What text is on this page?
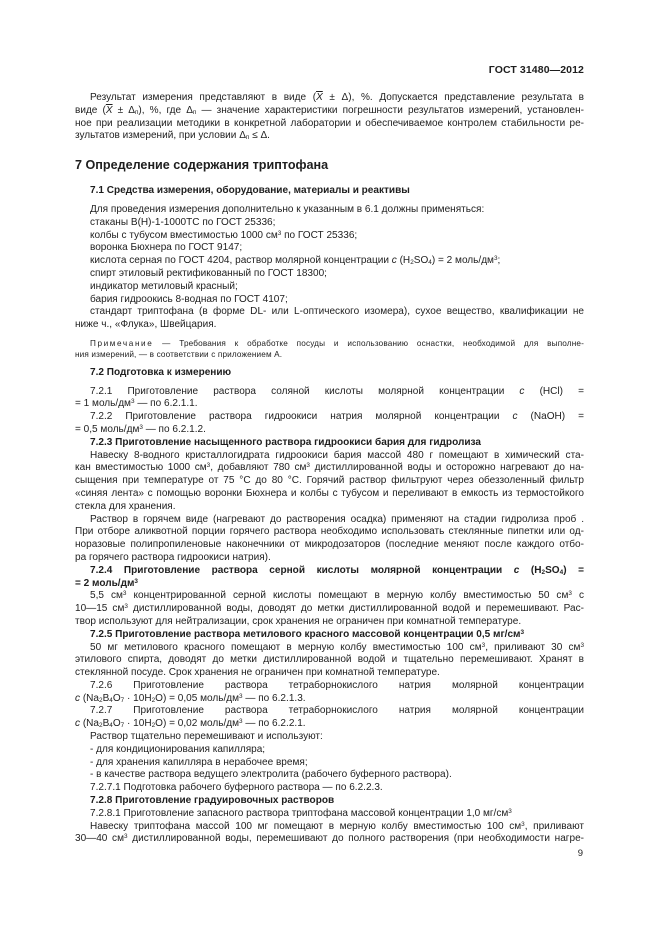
ГОСТ 31480—2012
Результат измерения представляют в виде $(\overline{X} \pm \Delta)$, %. Допускается представление результата в
виде $(\overline{X} \pm \Delta_п)$, %, где $\Delta_п$ — значение характеристики погрешности результатов измерений, установлен-
ное при реализации методики в конкретной лаборатории и обеспечиваемое контролем стабильности ре-
зультатов измерений, при условии $\Delta_п \le \Delta$.
7 Определение содержания триптофана
7.1 Средства измерения, оборудование, материалы и реактивы
Для проведения измерения дополнительно к указанным в 6.1 должны применяться:
стаканы В(Н)-1-1000ТС по ГОСТ 25336;
колбы с тубусом вместимостью 1000 $см^3$ по ГОСТ 25336;
воронка Бюхнера по ГОСТ 9147;
кислота серная по ГОСТ 4204, раствор молярной концентрации c $(H_2SO_4) = 2$ моль/$дм^3$;
спирт этиловый ректификованный по ГОСТ 18300;
индикатор метиловый красный;
бария гидроокись 8-водная по ГОСТ 4107;
стандарт триптофана (в форме DL- или L-оптического изомера), сухое вещество, квалификации не
ниже ч., «Флука», Швейцария.
Примечание — Требования к обработке посуды и использованию оснастки, необходимой для выполне-
ния измерений, — в соответствии с приложением А.
7.2 Подготовка к измерению
7.2.1 Приготовление раствора соляной кислоты молярной концентрации c (HCl) =
= 1 моль/$дм^3$ — по 6.2.1.1.
7.2.2 Приготовление раствора гидроокиси натрия молярной концентрации c (NaOH) =
= 0,5 моль/$дм^3$ — по 6.2.1.2.
7.2.3 Приготовление насыщенного раствора гидроокиси бария для гидролиза
Навеску 8-водного кристаллогидрата гидроокиси бария массой 480 г помещают в химический ста-
кан вместимостью 1000 $см^3$, добавляют 780 $см^3$ дистиллированной воды и осторожно нагревают до на-
сыщения при температуре от 75 °С до 80 °С. Горячий раствор фильтруют через обеззоленный фильтр
«синяя лента» с помощью воронки Бюхнера и колбы с тубусом и переливают в емкость из термостойкого
стекла для хранения.
Раствор в горячем виде (нагревают до растворения осадка) применяют на стадии гидролиза проб .
При отборе аликвотной порции горячего раствора необходимо использовать стеклянные пипетки или од-
норазовые полипропиленовые наконечники от микродозаторов (последние меняют после каждого отбо-
ра горячего раствора гидроокиси натрия).
7.2.4 Приготовление раствора серной кислоты молярной концентрации c $(H_2SO_4)$ =
= 2 моль/$дм^3$
5,5 $см^3$ концентрированной серной кислоты помещают в мерную колбу вместимостью 50 $см^3$ с
10—15 $см^3$ дистиллированной воды, доводят до метки дистиллированной водой и перемешивают. Рас-
твор используют для нейтрализации, срок хранения не ограничен при комнатной температуре.
7.2.5 Приготовление раствора метилового красного массовой концентрации 0,5 $мг/см^3$
50 мг метилового красного помещают в мерную колбу вместимостью 100 $см^3$, приливают 30 $см^3$
этилового спирта, доводят до метки дистиллированной водой и тщательно перемешивают. Хранят в
стеклянной посуде. Срок хранения не ограничен при комнатной температуре.
7.2.6 Приготовление раствора тетраборнокислого натрия молярной концентрации
c $(Na_2B_4O_7 \cdot 10H_2O) = 0,05$ моль/$дм^3$ — по 6.2.1.3.
7.2.7 Приготовление раствора тетраборнокислого натрия молярной концентрации
c $(Na_2B_4O_7 \cdot 10H_2O) = 0,02$ моль/$дм^3$ — по 6.2.2.1.
Раствор тщательно перемешивают и используют:
- для кондиционирования капилляра;
- для хранения капилляра в нерабочее время;
- в качестве раствора ведущего электролита (рабочего буферного раствора).
7.2.7.1 Подготовка рабочего буферного раствора — по 6.2.2.3.
7.2.8 Приготовление градуировочных растворов
7.2.8.1 Приготовление запасного раствора триптофана массовой концентрации 1,0 $мг/см^3$
Навеску триптофана массой 100 мг помещают в мерную колбу вместимостью 100 $см^3$, приливают
30—40 $см^3$ дистиллированной воды, перемешивают до полного растворения (при необходимости нагре-
9
